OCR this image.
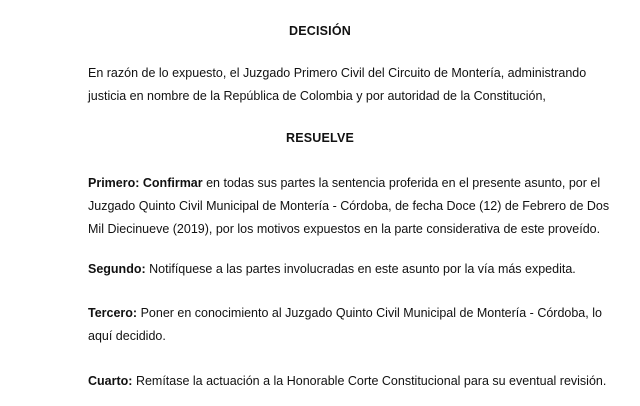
DECISIÓN
En razón de lo expuesto, el Juzgado Primero Civil del Circuito de Montería, administrando
justicia en nombre de la República de Colombia y por autoridad de la Constitución,
RESUELVE
Primero: Confirmar en todas sus partes la sentencia proferida en el presente asunto, por el
Juzgado Quinto Civil Municipal de Montería - Córdoba, de fecha Doce (12) de Febrero de Dos
Mil Diecinueve (2019), por los motivos expuestos en la parte considerativa de este proveído.
Segundo: Notifíquese a las partes involucradas en este asunto por la vía más expedita.
Tercero: Poner en conocimiento al Juzgado Quinto Civil Municipal de Montería - Córdoba, lo
aquí decidido.
Cuarto: Remítase la actuación a la Honorable Corte Constitucional para su eventual revisión.
